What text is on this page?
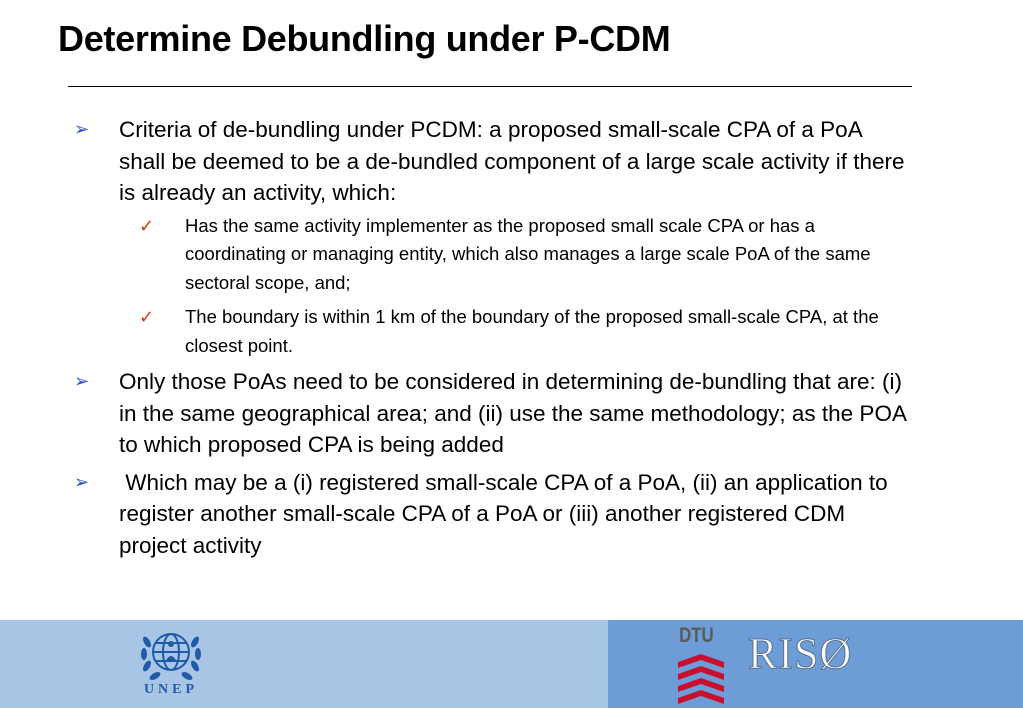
Determine Debundling under P-CDM
➢ Criteria of de-bundling under PCDM: a proposed small-scale CPA of a PoA shall be deemed to be a de-bundled component of a large scale activity if there is already an activity, which:
✓ Has the same activity implementer as the proposed small scale CPA or has a coordinating or managing entity, which also manages a large scale PoA of the same sectoral scope, and;
✓ The boundary is within 1 km of the boundary of the proposed small-scale CPA, at the closest point.
➢ Only those PoAs need to be considered in determining de-bundling that are: (i) in the same geographical area; and (ii) use the same methodology; as the POA to which proposed CPA is being added
➢ Which may be a (i) registered small-scale CPA of a PoA, (ii) an application to register another small-scale CPA of a PoA or (iii) another registered CDM project activity
UNEP
DTU RISØ
